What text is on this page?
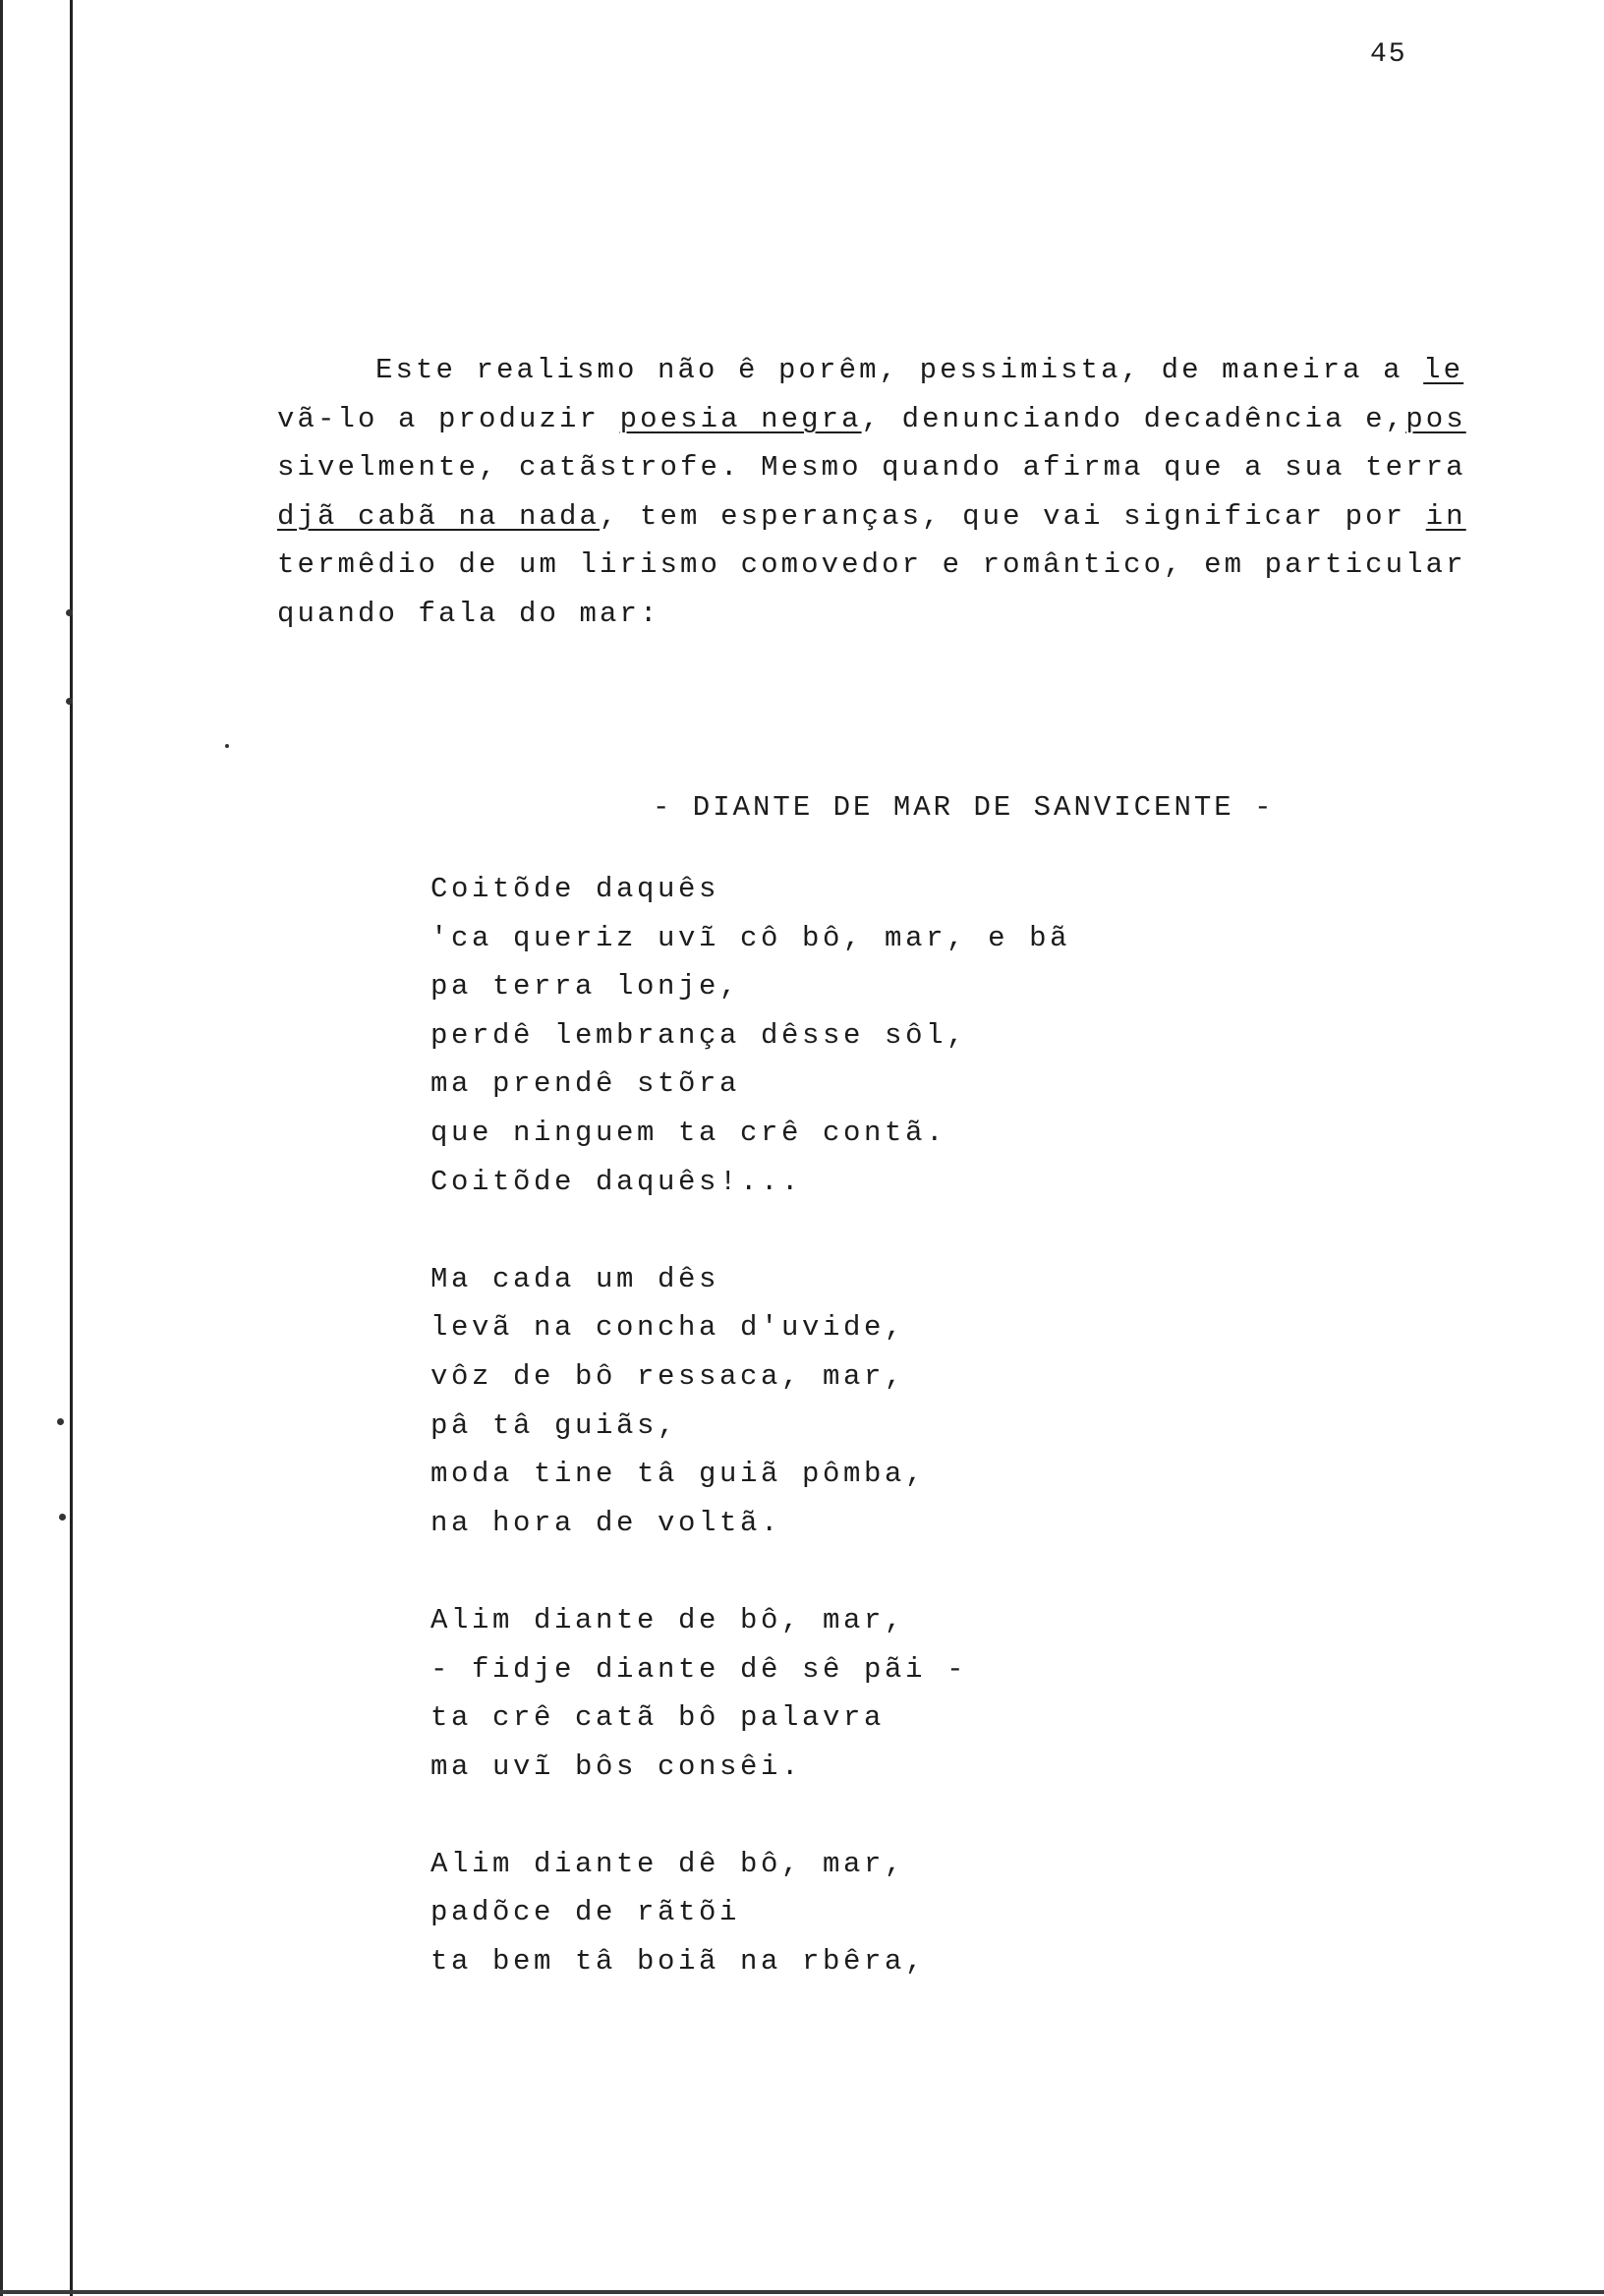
45
Este realismo não ê porêm, pessimista, de maneira a le
vã-lo a produzir poesia negra, denunciando decadência e,pos
sivelmente, catãstrofe. Mesmo quando afirma que a sua terra
djã cabã na nada, tem esperanças, que vai significar por in
termêdio de um lirismo comovedor e romântico, em particular
quando fala do mar:
- DIANTE DE MAR DE SANVICENTE -
Coitõde daquês
'ca queriz uvĩ cô bô, mar, e bã
pa terra lonje,
perdê lembrança dêsse sôl,
ma prendê stõra
que ninguem ta crê contã.
Coitõde daquês!...
Ma cada um dês
levã na concha d'uvide,
vôz de bô ressaca, mar,
pâ tâ guiãs,
moda tine tâ guiã pômba,
na hora de voltã.
Alim diante de bô, mar,
- fidje diante dê sê pãi -
ta crê catã bô palavra
ma uvĩ bôs consêi.
Alim diante dê bô, mar,
padõce de rãtõi
ta bem tâ boiã na rbêra,
